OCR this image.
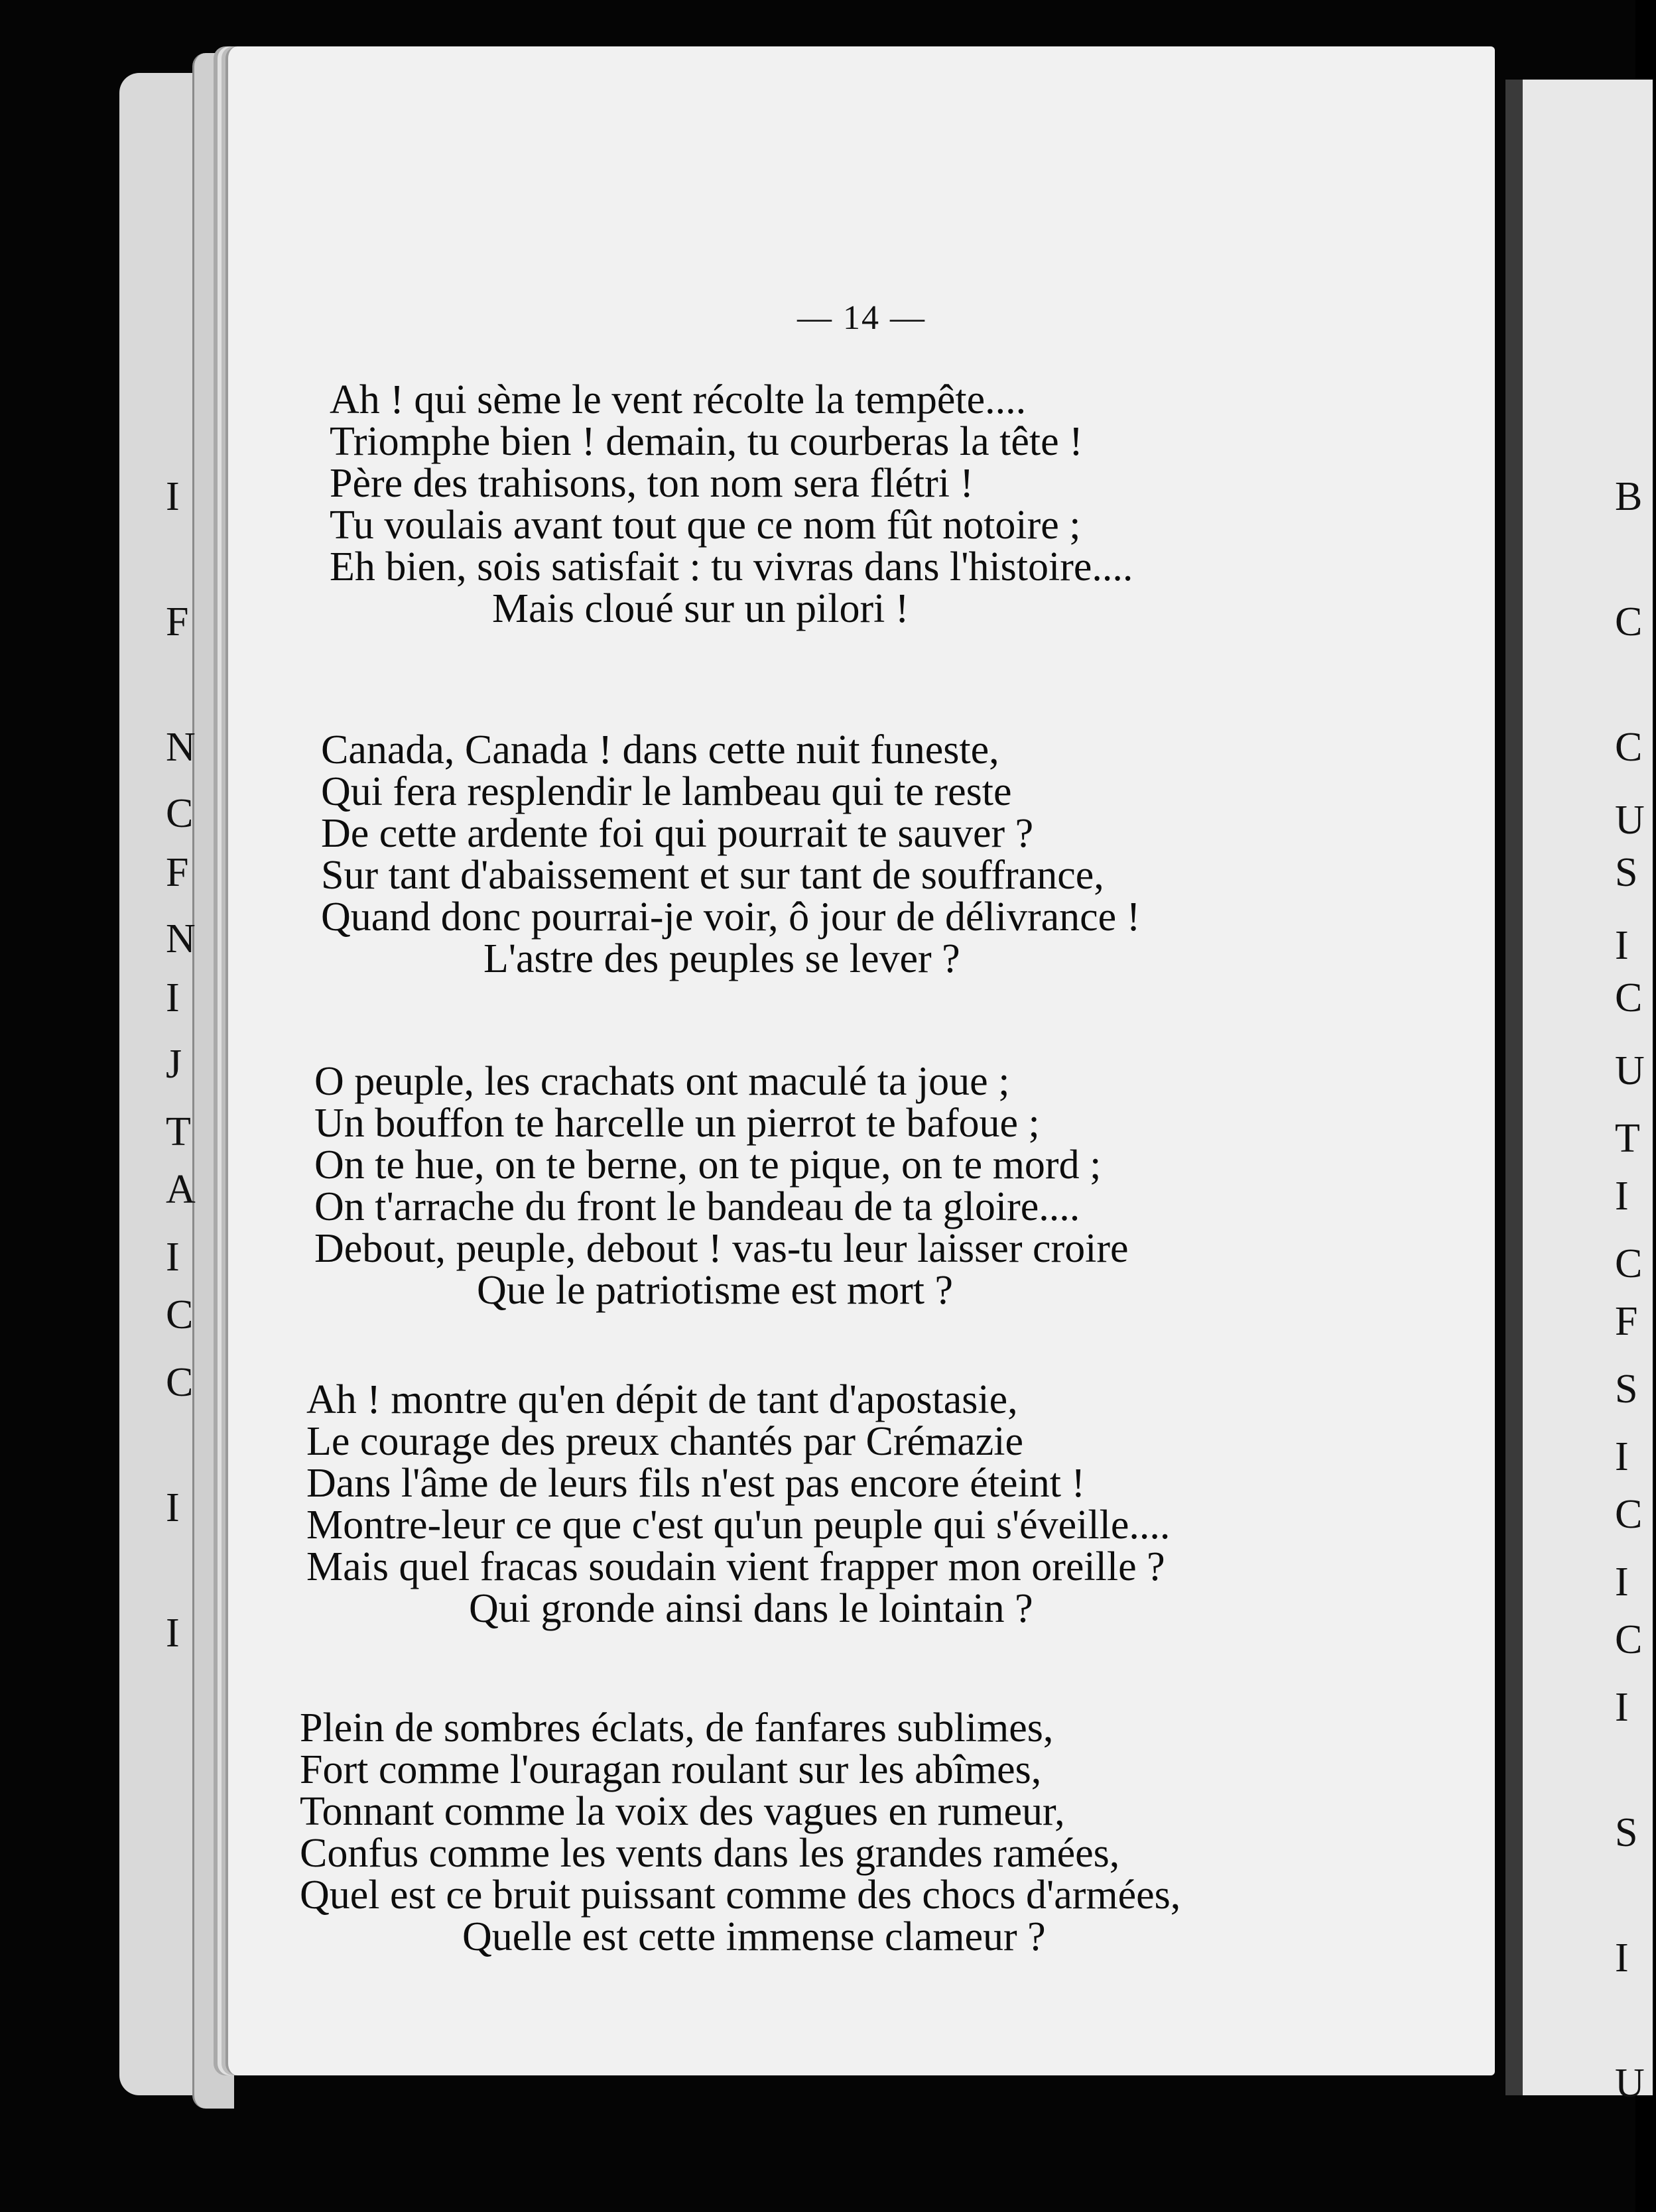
I

F

N

F

I

C

N

J

A

C

T

I

C

I

I

— 14 —
Ah ! qui sème le vent récolte la tempête....
Triomphe bien ! demain, tu courberas la tête !
Père des trahisons, ton nom sera flétri !
Tu voulais avant tout que ce nom fût notoire ;
Eh bien, sois satisfait : tu vivras dans l'histoire....
Mais cloué sur un pilori !
Canada, Canada ! dans cette nuit funeste,
Qui fera resplendir le lambeau qui te reste
De cette ardente foi qui pourrait te sauver ?
Sur tant d'abaissement et sur tant de souffrance,
Quand donc pourrai-je voir, ô jour de délivrance !
L'astre des peuples se lever ?
O peuple, les crachats ont maculé ta joue ;
Un bouffon te harcelle un pierrot te bafoue ;
On te hue, on te berne, on te pique, on te mord ;
On t'arrache du front le bandeau de ta gloire....
Debout, peuple, debout ! vas-tu leur laisser croire
Que le patriotisme est mort ?
Ah ! montre qu'en dépit de tant d'apostasie,
Le courage des preux chantés par Crémazie
Dans l'âme de leurs fils n'est pas encore éteint !
Montre-leur ce que c'est qu'un peuple qui s'éveille....
Mais quel fracas soudain vient frapper mon oreille ?
Qui gronde ainsi dans le lointain ?
Plein de sombres éclats, de fanfares sublimes,
Fort comme l'ouragan roulant sur les abîmes,
Tonnant comme la voix des vagues en rumeur,
Confus comme les vents dans les grandes ramées,
Quel est ce bruit puissant comme des chocs d'armées,
Quelle est cette immense clameur ?

B

C

C

S

C

U

I

U

I

F

T

C

S

C

C

I

I

I

S

I

U
